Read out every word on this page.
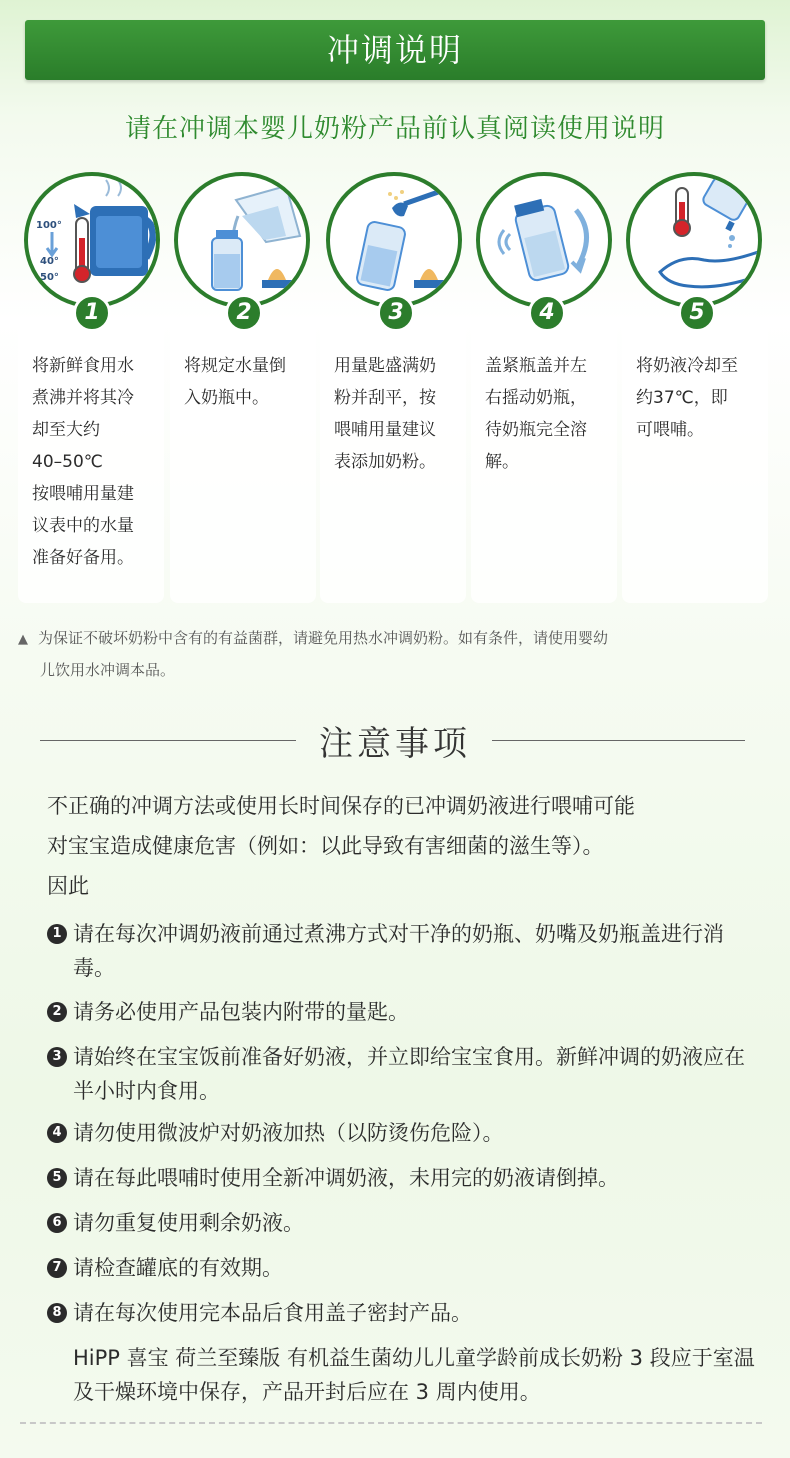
冲调说明
请在冲调本婴儿奶粉产品前认真阅读使用说明
将新鲜食用水
煮沸并将其冷
却至大约
40–50℃
按喂哺用量建
议表中的水量
准备好备用。
100°
40°
50°
1
将规定水量倒
入奶瓶中。
2
用量匙盛满奶
粉并刮平，按
喂哺用量建议
表添加奶粉。
3
盖紧瓶盖并左
右摇动奶瓶，
待奶瓶完全溶
解。
4
将奶液冷却至
约37℃，即
可喂哺。
5
▲ 为保证不破坏奶粉中含有的有益菌群，请避免用热水冲调奶粉。如有条件，请使用婴幼
儿饮用水冲调本品。
注意事项
不正确的冲调方法或使用长时间保存的已冲调奶液进行喂哺可能
对宝宝造成健康危害（例如：以此导致有害细菌的滋生等）。
因此
1 请在每次冲调奶液前通过煮沸方式对干净的奶瓶、奶嘴及奶瓶盖进行消毒。
2 请务必使用产品包装内附带的量匙。
3 请始终在宝宝饭前准备好奶液，并立即给宝宝食用。新鲜冲调的奶液应在半小时内食用。
4 请勿使用微波炉对奶液加热（以防烫伤危险）。
5 请在每此喂哺时使用全新冲调奶液，未用完的奶液请倒掉。
6 请勿重复使用剩余奶液。
7 请检查罐底的有效期。
8 请在每次使用完本品后食用盖子密封产品。
HiPP 喜宝 荷兰至臻版 有机益生菌幼儿儿童学龄前成长奶粉 3 段应于室温及干燥环境中保存，产品开封后应在 3 周内使用。
